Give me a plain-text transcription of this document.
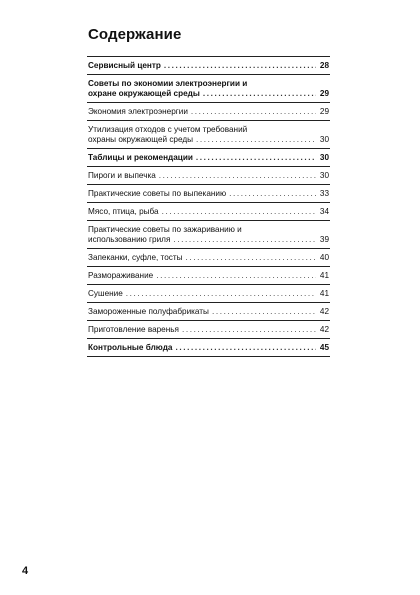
Содержание
Сервисный центр .....	28
Советы по экономии электроэнергии и
охране окружающей среды .....	29
Экономия электроэнергии .....	29
Утилизация отходов с учетом требований
охраны окружающей среды .....	30
Таблицы и рекомендации .....	30
Пироги и выпечка .....	30
Практические советы по выпеканию .....	33
Мясо, птица, рыба .....	34
Практические советы по зажариванию и
использованию гриля .....	39
Запеканки, суфле, тосты .....	40
Размораживание .....	41
Сушение .....	41
Замороженные полуфабрикаты .....	42
Приготовление варенья .....	42
Контрольные блюда .....	45
4
